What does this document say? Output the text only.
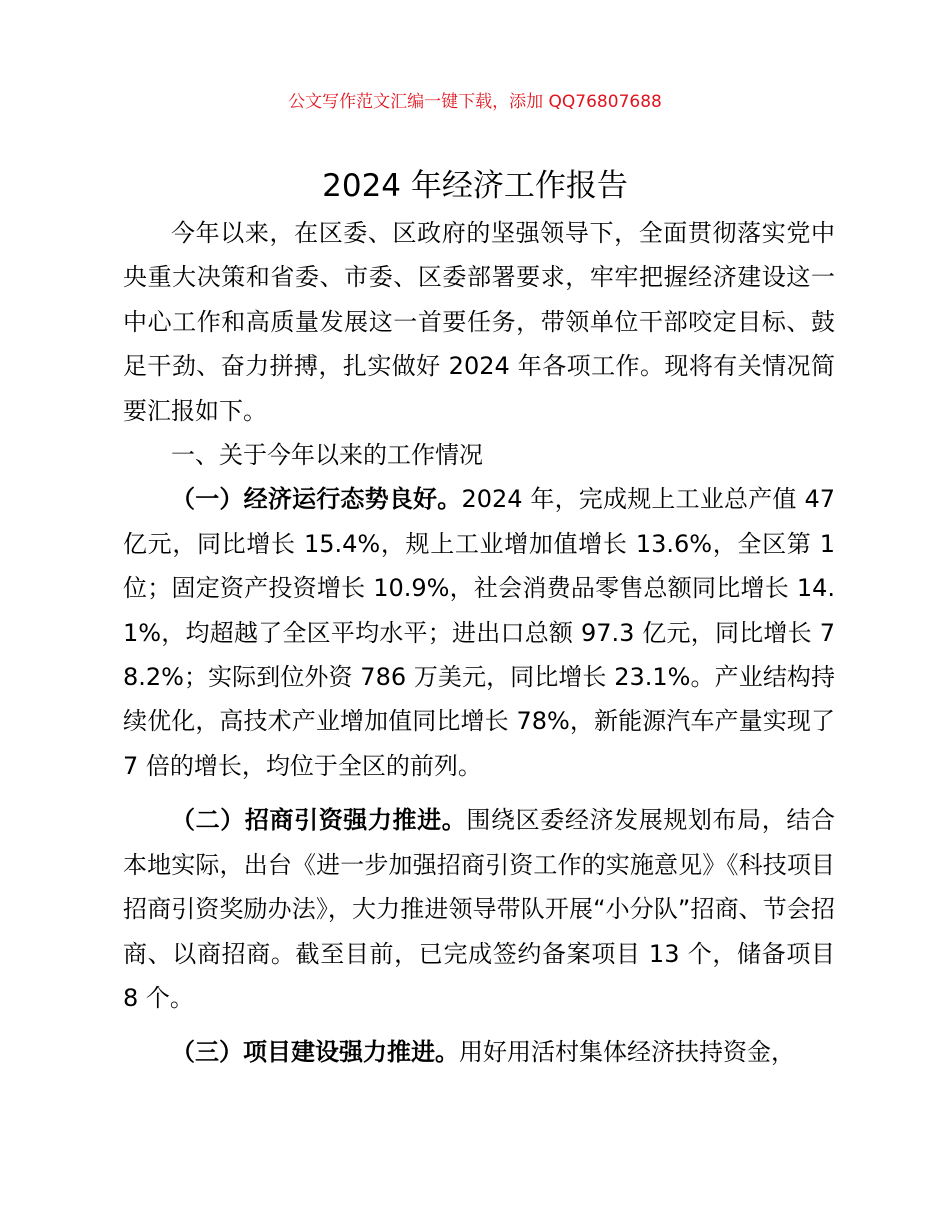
公文写作范文汇编一键下载，添加 QQ76807688
2024 年经济工作报告

今年以来，在区委、区政府的坚强领导下，全面贯彻落实党中央重大决策和省委、市委、区委部署要求，牢牢把握经济建设这一中心工作和高质量发展这一首要任务，带领单位干部咬定目标、鼓足干劲、奋力拼搏，扎实做好 2024 年各项工作。现将有关情况简要汇报如下。

一、关于今年以来的工作情况

（一）经济运行态势良好。2024 年，完成规上工业总产值 47 亿元，同比增长 15.4%，规上工业增加值增长 13.6%，全区第 1 位；固定资产投资增长 10.9%，社会消费品零售总额同比增长 14.1%，均超越了全区平均水平；进出口总额 97.3 亿元，同比增长 78.2%；实际到位外资 786 万美元，同比增长 23.1%。产业结构持续优化，高技术产业增加值同比增长 78%，新能源汽车产量实现了 7 倍的增长，均位于全区的前列。

（二）招商引资强力推进。围绕区委经济发展规划布局，结合本地实际，出台《进一步加强招商引资工作的实施意见》《科技项目招商引资奖励办法》，大力推进领导带队开展“小分队”招商、节会招商、以商招商。截至目前，已完成签约备案项目 13 个，储备项目 8 个。

（三）项目建设强力推进。用好用活村集体经济扶持资金，
